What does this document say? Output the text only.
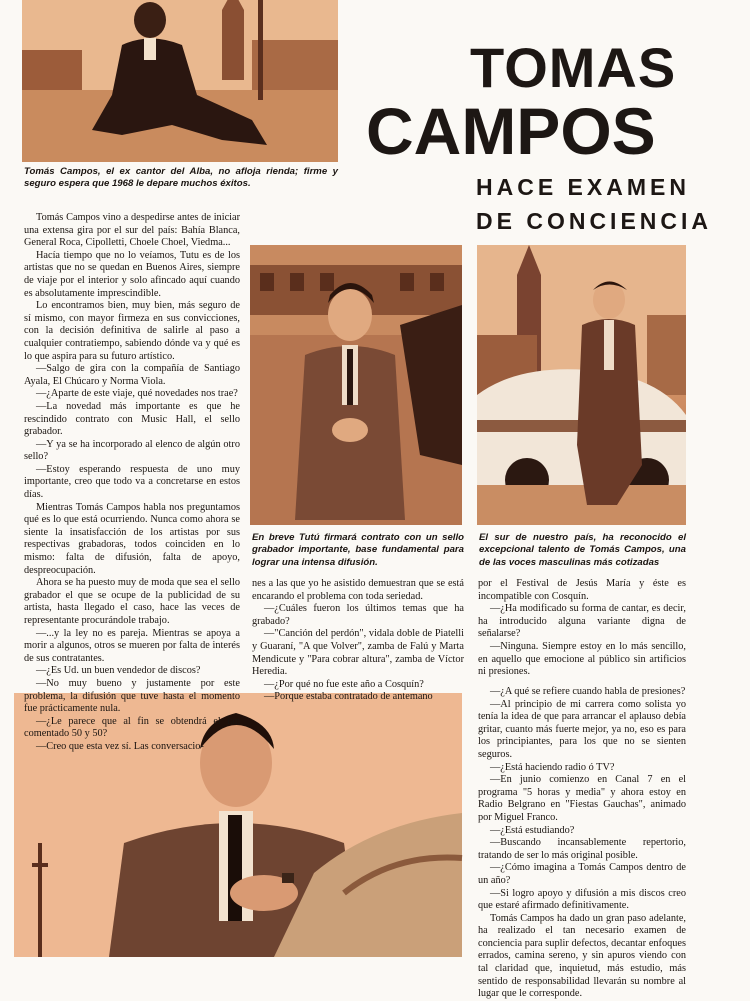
Tomás Campos, el ex cantor del Alba, no afloja rienda; firme y seguro espera que 1968 le depare muchos éxitos.

TOMAS
CAMPOS
HACE EXAMEN
DE CONCIENCIA

En breve Tutú firmará contrato con un sello grabador importante, base fundamental para lograr una intensa difusión.

El sur de nuestro país, ha reconocido el excepcional talento de Tomás Campos, una de las voces masculinas más cotizadas

Tomás Campos vino a despedirse antes de iniciar una extensa gira por el sur del país: Bahía Blanca, General Roca, Cipolletti, Choele Choel, Viedma...

Hacía tiempo que no lo veíamos, Tutu es de los artistas que no se quedan en Buenos Aires, siempre de viaje por el interior y solo afincado aquí cuando es absolutamente imprescindible.

Lo encontramos bien, muy bien, más seguro de sí mismo, con mayor firmeza en sus convicciones, con la decisión definitiva de salirle al paso a cualquier contratiempo, sabiendo dónde va y qué es lo que aspira para su futuro artístico.

—Salgo de gira con la compañía de Santiago Ayala, El Chúcaro y Norma Viola.

—¿Aparte de este viaje, qué novedades nos trae?

—La novedad más importante es que he rescindido contrato con Music Hall, el sello grabador.

—Y ya se ha incorporado al elenco de algún otro sello?

—Estoy esperando respuesta de uno muy importante, creo que todo va a concretarse en estos días.

Mientras Tomás Campos habla nos preguntamos qué es lo que está ocurriendo. Nunca como ahora se siente la insatisfacción de los artistas por sus respectivas grabadoras, todos coinciden en lo mismo: falta de difusión, falta de apoyo, despreocupación.

Ahora se ha puesto muy de moda que sea el sello grabador el que se ocupe de la publicidad de su artista, hasta llegado el caso, hace las veces de representante procurándole trabajo.

—...y la ley no es pareja. Mientras se apoya a morir a algunos, otros se mueren por falta de interés de sus contratantes.

—¿Es Ud. un buen vendedor de discos?

—No muy bueno y justamente por este problema, la difusión que tuve hasta el momento fue prácticamente nula.

—¿Le parece que al fin se obtendrá el tan comentado 50 y 50?

—Creo que esta vez sí. Las conversacio-

nes a las que yo he asistido demuestran que se está encarando el problema con toda seriedad.

—¿Cuáles fueron los últimos temas que ha grabado?

—"Canción del perdón", vidala doble de Piatelli y Guaraní, "A que Volver", zamba de Falú y Marta Mendicute y "Para cobrar altura", zamba de Víctor Heredia.

—¿Por qué no fue este año a Cosquín?

—Porque estaba contratado de antemano

por el Festival de Jesús María y éste es incompatible con Cosquín.

—¿Ha modificado su forma de cantar, es decir, ha introducido alguna variante digna de señalarse?

—Ninguna. Siempre estoy en lo más sencillo, en aquello que emocione al público sin artificios ni presiones.

—¿A qué se refiere cuando habla de presiones?

—Al principio de mi carrera como solista yo tenía la idea de que para arrancar el aplauso debía gritar, cuanto más fuerte mejor, ya no, eso es para los principiantes, para los que no se sienten seguros.

—¿Está haciendo radio ó TV?

—En junio comienzo en Canal 7 en el programa "5 horas y media" y ahora estoy en Radio Belgrano en "Fiestas Gauchas", animado por Miguel Franco.

—¿Está estudiando?

—Buscando incansablemente repertorio, tratando de ser lo más original posible.

—¿Cómo imagina a Tomás Campos dentro de un año?

—Si logro apoyo y difusión a mis discos creo que estaré afirmado definitivamente.

Tomás Campos ha dado un gran paso adelante, ha realizado el tan necesario examen de conciencia para suplir defectos, decantar enfoques errados, camina sereno, y sin apuros viendo con tal claridad que, inquietud, más estudio, más sentido de responsabilidad llevarán su nombre al lugar que le corresponde.
